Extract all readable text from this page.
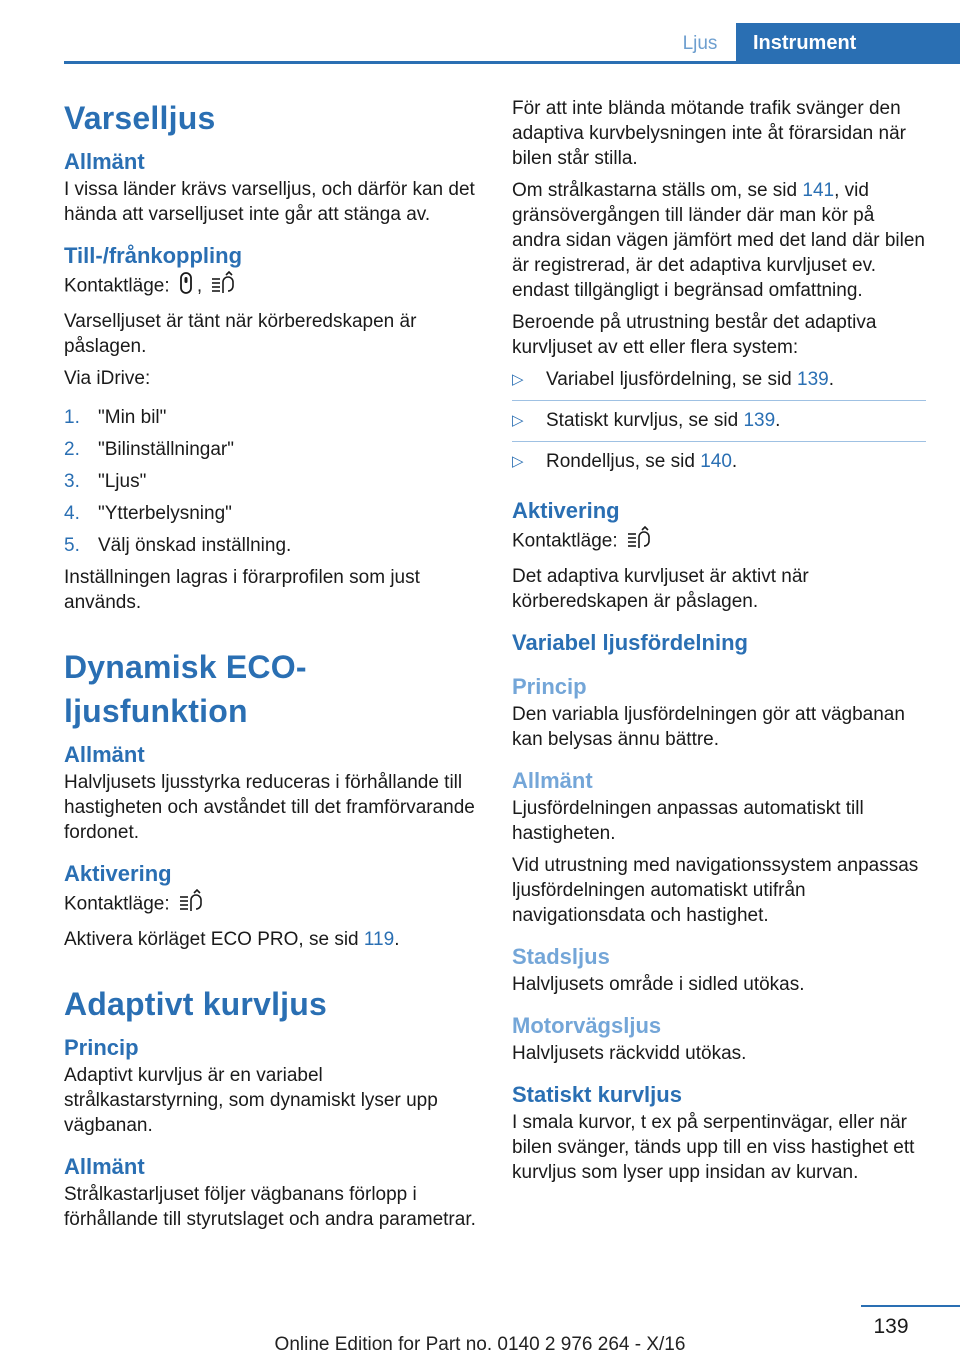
Ljus	Instrument
Varselljus
Allmänt

I vissa länder krävs varselljus, och därför kan det hända att varselljuset inte går att stänga av.

Till-/frånkoppling

Kontaktläge: ,

Varselljuset är tänt när körberedskapen är påslagen.

Via iDrive:

1. "Min bil"
2. "Bilinställningar"
3. "Ljus"
4. "Ytterbelysning"
5. Välj önskad inställning.

Inställningen lagras i förarprofilen som just används.

Dynamisk ECO-ljusfunktion
Allmänt

Halvljusets ljusstyrka reduceras i förhållande till hastigheten och avståndet till det framförvarande fordonet.

Aktivering

Kontaktläge:

Aktivera körläget ECO PRO, se sid 119.

Adaptivt kurvljus
Princip

Adaptivt kurvljus är en variabel strålkastarstyrning, som dynamiskt lyser upp vägbanan.

Allmänt

Strålkastarljuset följer vägbanans förlopp i förhållande till styrutslaget och andra parametrar.

För att inte blända mötande trafik svänger den adaptiva kurvbelysningen inte åt förarsidan när bilen står stilla.

Om strålkastarna ställs om, se sid 141, vid gränsövergången till länder där man kör på andra sidan vägen jämfört med det land där bilen är registrerad, är det adaptiva kurvljuset ev. endast tillgängligt i begränsad omfattning.

Beroende på utrustning består det adaptiva kurvljuset av ett eller flera system:

▷ Variabel ljusfördelning, se sid 139.
▷ Statiskt kurvljus, se sid 139.
▷ Rondelljus, se sid 140.
Aktivering

Kontaktläge:

Det adaptiva kurvljuset är aktivt när körberedskapen är påslagen.

Variabel ljusfördelning
Princip

Den variabla ljusfördelningen gör att vägbanan kan belysas ännu bättre.

Allmänt

Ljusfördelningen anpassas automatiskt till hastigheten.

Vid utrustning med navigationssystem anpassas ljusfördelningen automatiskt utifrån navigationsdata och hastighet.

Stadsljus

Halvljusets område i sidled utökas.

Motorvägsljus

Halvljusets räckvidd utökas.

Statiskt kurvljus

I smala kurvor, t ex på serpentinvägar, eller när bilen svänger, tänds upp till en viss hastighet ett kurvljus som lyser upp insidan av kurvan.

139
Online Edition for Part no. 0140 2 976 264 - X/16
